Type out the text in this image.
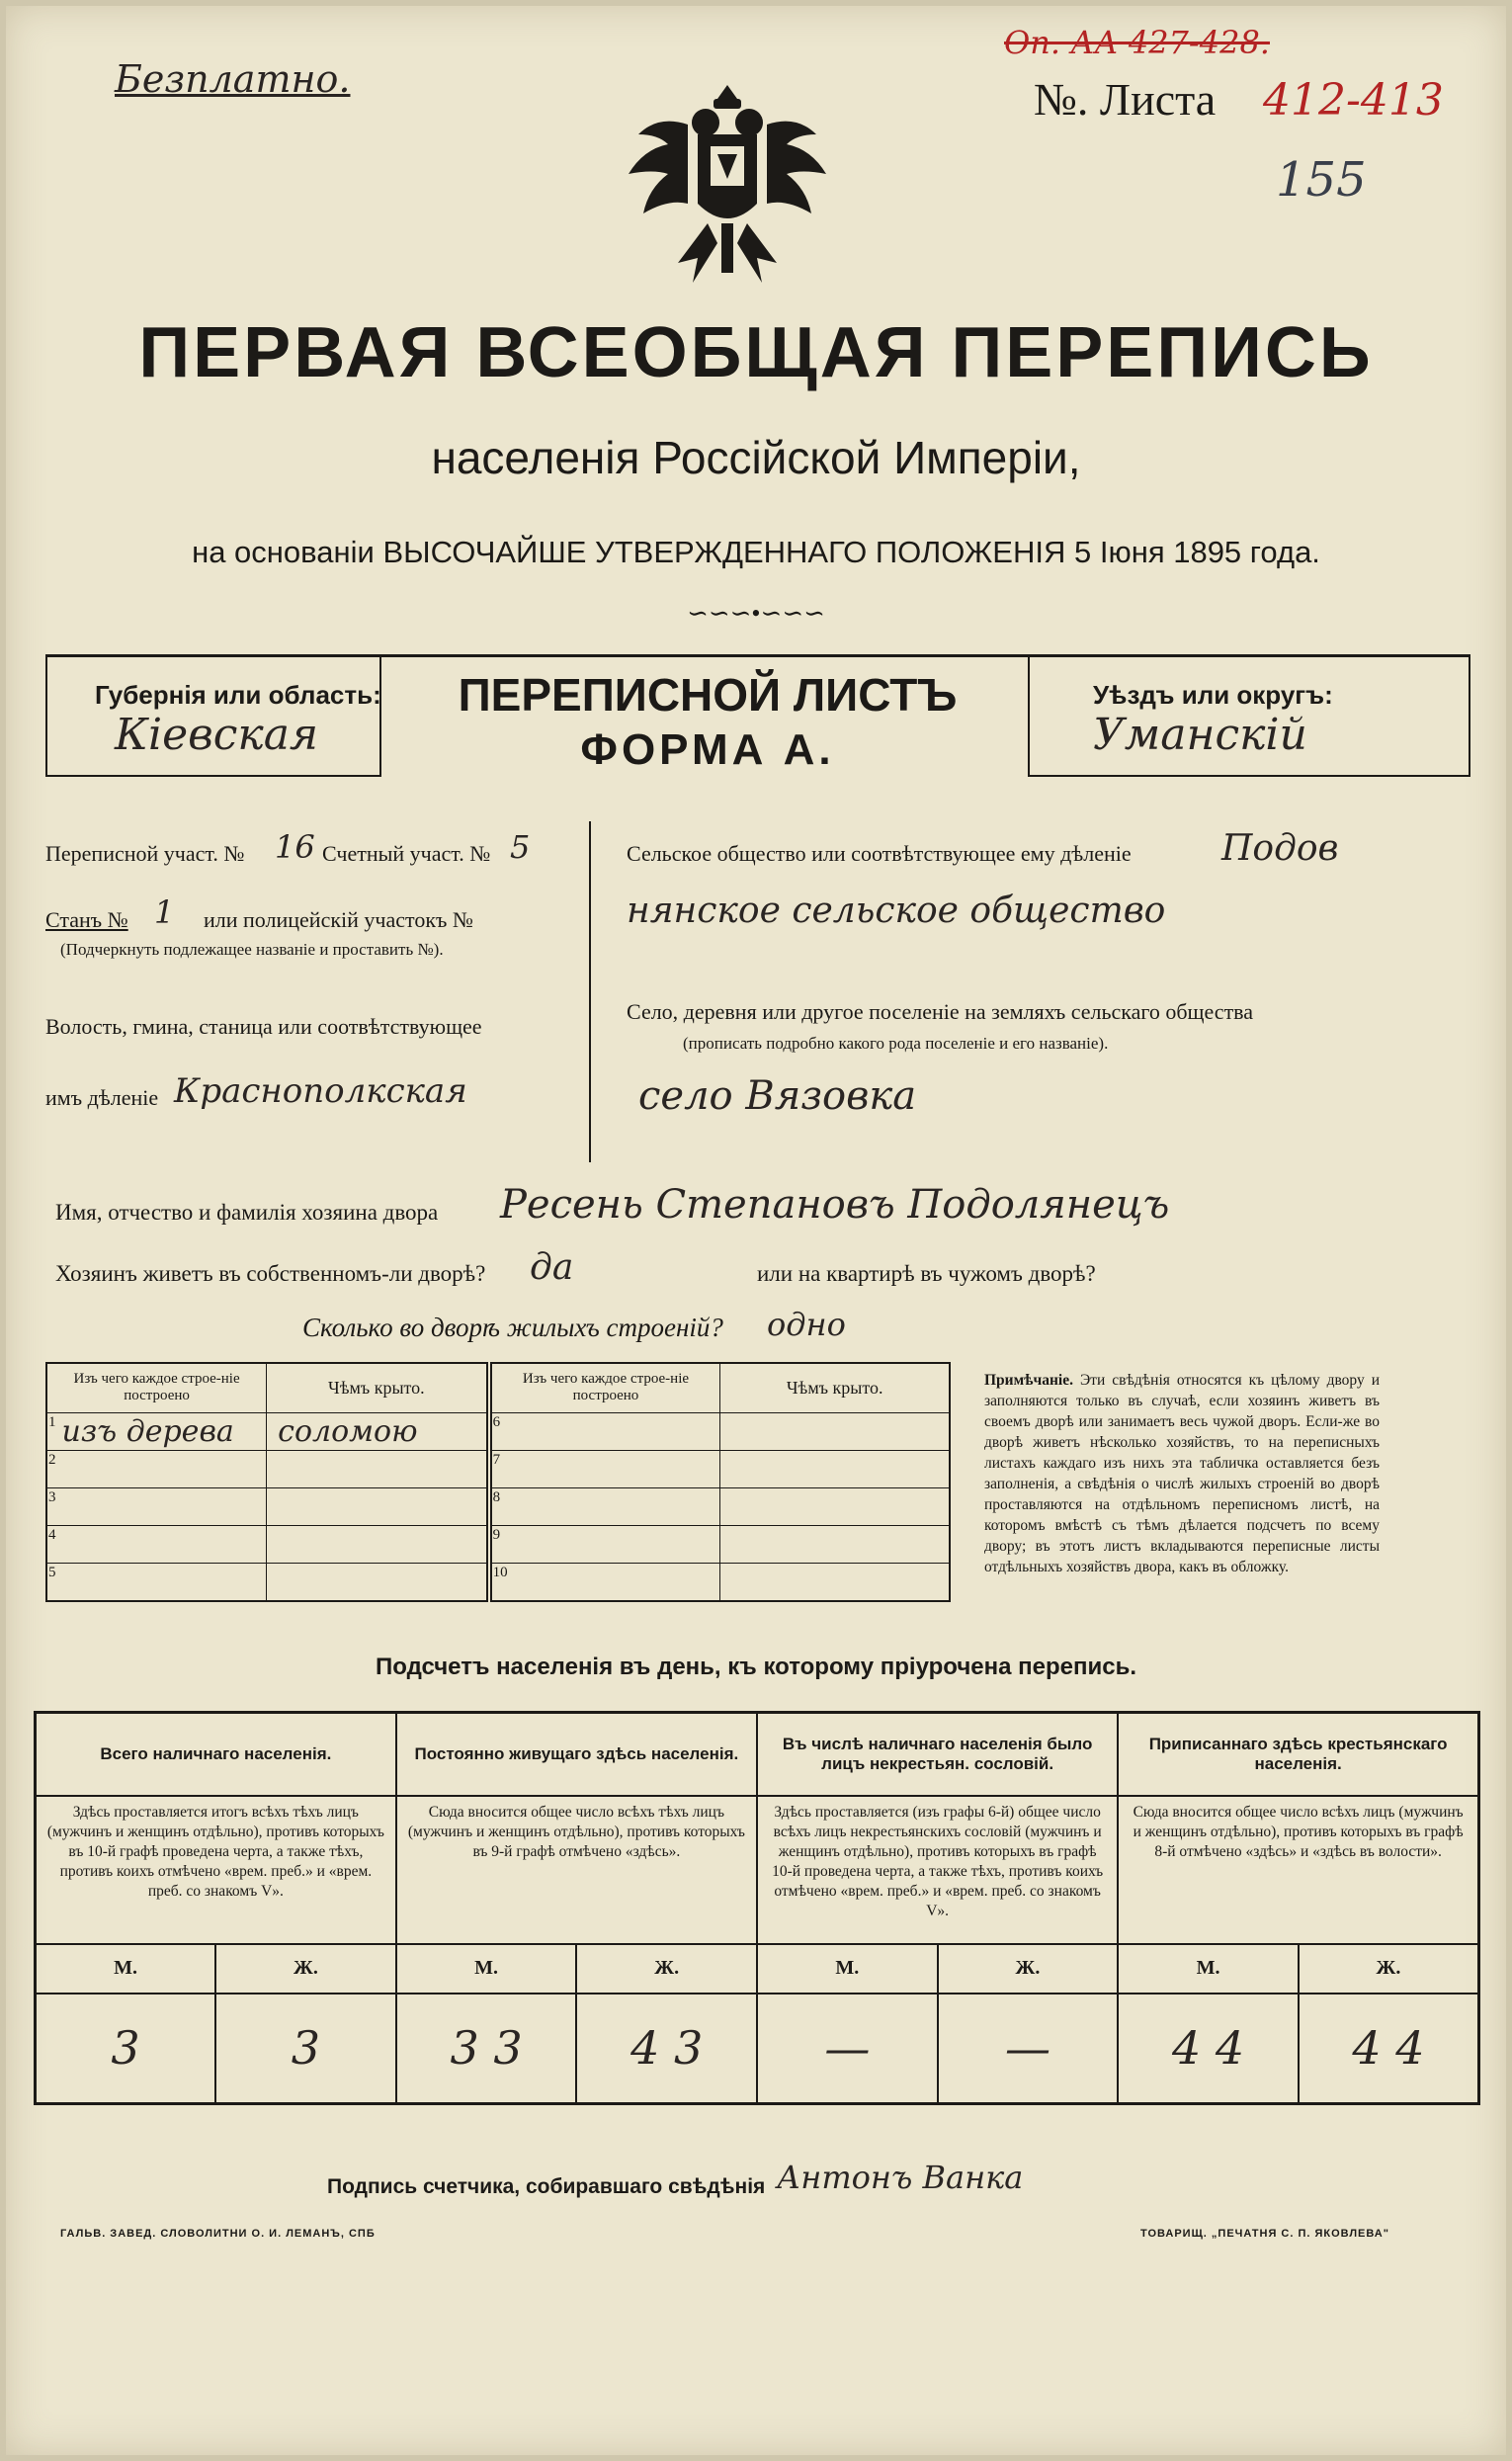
Безплатно.
Оп. АА 427-428.
№. Листа 412-413
155
ПЕРВАЯ ВСЕОБЩАЯ ПЕРЕПИСЬ
населенія Россійской Имперіи,
на основаніи ВЫСОЧАЙШЕ УТВЕРЖДЕННАГО ПОЛОЖЕНІЯ 5 Іюня 1895 года.
∽∽∽•∽∽∽
Губернія или область:
Кіевская
ПЕРЕПИСНОЙ ЛИСТЪ
ФОРМА А.
Уѣздъ или округъ:
Уманскій
Переписной участ. № 16 Счетный участ. № 5
Станъ № 1 или полицейскій участокъ №
(Подчеркнуть подлежащее названіе и проставить №).
Волость, гмина, станица или соотвѣтствующее
имъ дѣленіе Краснополкская
Сельское общество или соотвѣтствующее ему дѣленіе	Подов
нянское сельское общество
Село, деревня или другое поселеніе на земляхъ сельскаго общества
(прописать подробно какого рода поселеніе и его названіе).
село Вязовка
Имя, отчество и фамилія хозяина двора Ресень Степановъ Подолянецъ
Хозяинъ живетъ въ собственномъ-ли дворѣ? да	или на квартирѣ въ чужомъ дворѣ?
Сколько во дворѣ жилыхъ строеній? одно
Изъ чего каждое строе-ніе построено	Чѣмъ крыто.	Изъ чего каждое строе-ніе построено	Чѣмъ крыто.
1 изъ дерева	соломою	6	
2		7	
3		8	
4		9	
5		10	
Примѣчаніе. Эти свѣдѣнія относятся къ цѣлому двору и заполняются только въ случаѣ, если хозяинъ живетъ въ своемъ дворѣ или занимаетъ весь чужой дворъ. Если-же во дворѣ живетъ нѣсколько хозяйствъ, то на переписныхъ листахъ каждаго изъ нихъ эта табличка оставляется безъ заполненія, а свѣдѣнія о числѣ жилыхъ строеній во дворѣ проставляются на отдѣльномъ переписномъ листѣ, на которомъ вмѣстѣ съ тѣмъ дѣлается подсчетъ по всему двору; въ этотъ листъ вкладываются переписные листы отдѣльныхъ хозяйствъ двора, какъ въ обложку.
Подсчетъ населенія въ день, къ которому пріурочена перепись.
Всего наличнаго населенія.		Постоянно живущаго здѣсь населенія.		Въ числѣ наличнаго населенія было лицъ некрестьян. сословій.		Приписаннаго здѣсь крестьянскаго населенія.	
Здѣсь проставляется итогъ всѣхъ тѣхъ лицъ (мужчинъ и женщинъ отдѣльно), противъ которыхъ въ 10-й графѣ проведена черта, а также тѣхъ, противъ коихъ отмѣчено «врем. преб.» и «врем. преб. со знакомъ V».		Сюда вносится общее число всѣхъ тѣхъ лицъ (мужчинъ и женщинъ отдѣльно), противъ которыхъ въ 9-й графѣ отмѣчено «здѣсь».		Здѣсь проставляется (изъ графы 6-й) общее число всѣхъ лицъ некрестьянскихъ сословій (мужчинъ и женщинъ отдѣльно), противъ которыхъ въ графѣ 10-й проведена черта, а также тѣхъ, противъ коихъ отмѣчено «врем. преб.» и «врем. преб. со знакомъ V».		Сюда вносится общее число всѣхъ лицъ (мужчинъ и женщинъ отдѣльно), противъ которыхъ въ графѣ 8-й отмѣчено «здѣсь» и «здѣсь въ волости».	
М.	Ж.	М.	Ж.	М.	Ж.	М.	Ж.
3	3	3 3	4 3	—	—	4 4	4 4
Подпись счетчика, собиравшаго свѣдѣнія Антонъ Ванка
ГАЛЬВ. ЗАВЕД. СЛОВОЛИТНИ О. И. ЛЕМАНЪ, СПБ	ТОВАРИЩ. „ПЕЧАТНЯ С. П. ЯКОВЛЕВА"
